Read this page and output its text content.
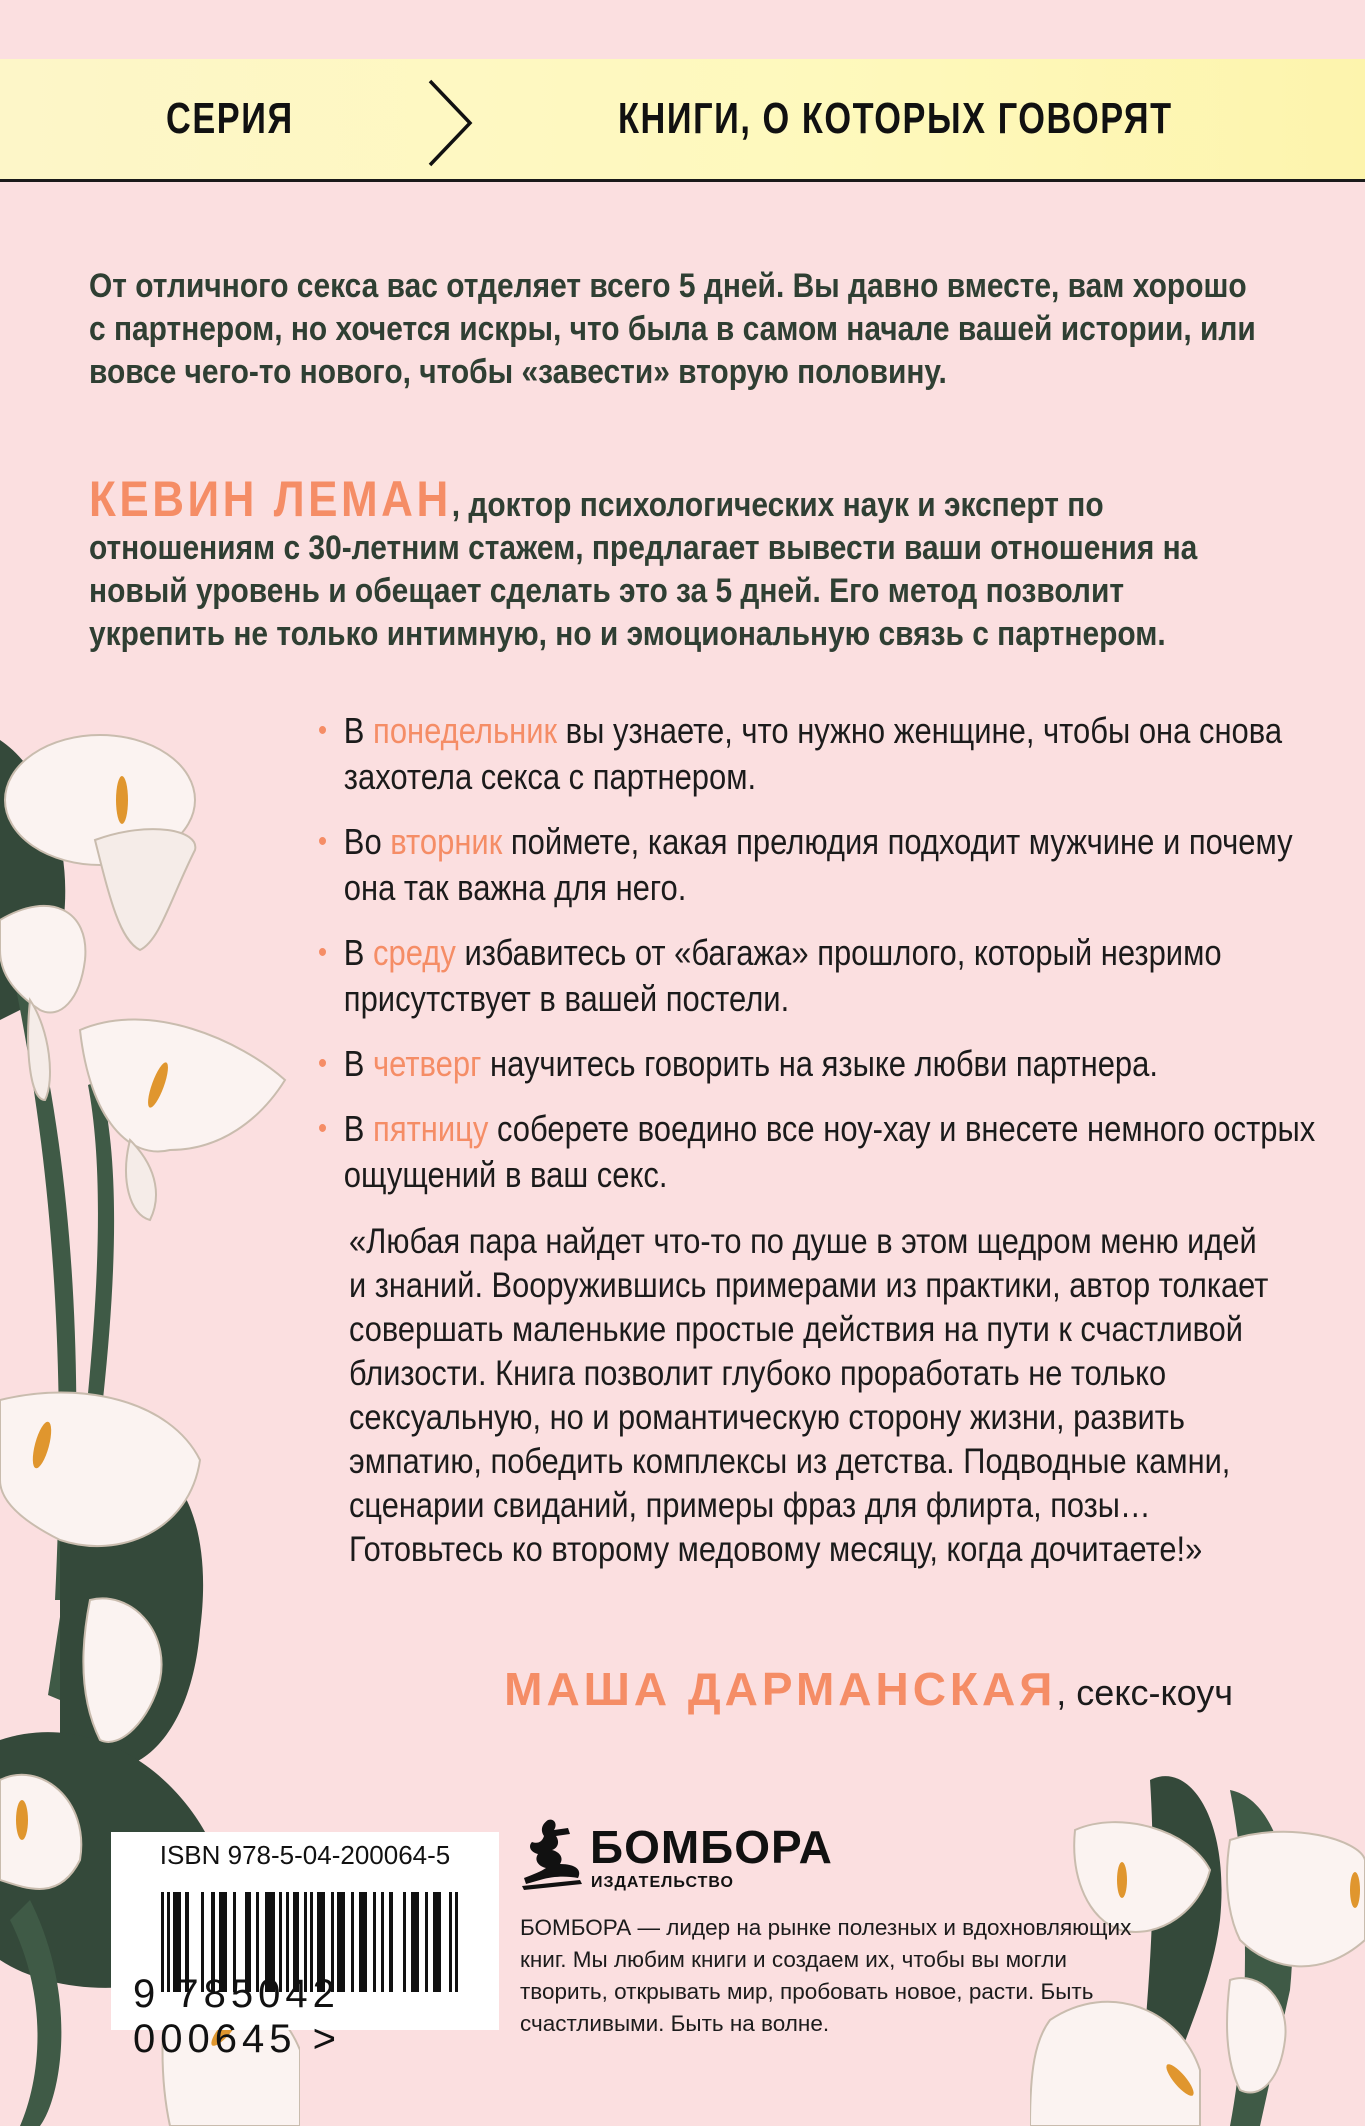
СЕРИЯ	КНИГИ, О КОТОРЫХ ГОВОРЯТ
От отличного секса вас отделяет всего 5 дней. Вы давно вместе, вам хорошо с партнером, но хочется искры, что была в самом начале вашей истории, или вовсе чего-то нового, чтобы «завести» вторую половину.
КЕВИН ЛЕМАН, доктор психологических наук и эксперт по отношениям с 30-летним стажем, предлагает вывести ваши отношения на новый уровень и обещает сделать это за 5 дней. Его метод позволит укрепить не только интимную, но и эмоциональную связь с партнером.
• В понедельник вы узнаете, что нужно женщине, чтобы она снова захотела секса с партнером.
• Во вторник поймете, какая прелюдия подходит мужчине и почему она так важна для него.
• В среду избавитесь от «багажа» прошлого, который незримо присутствует в вашей постели.
• В четверг научитесь говорить на языке любви партнера.
• В пятницу соберете воедино все ноу-хау и внесете немного острых ощущений в ваш секс.
«Любая пара найдет что-то по душе в этом щедром меню идей и знаний. Вооружившись примерами из практики, автор толкает совершать маленькие простые действия на пути к счастливой близости. Книга позволит глубоко проработать не только сексуальную, но и романтическую сторону жизни, развить эмпатию, победить комплексы из детства. Подводные камни, сценарии свиданий, примеры фраз для флирта, позы… Готовьтесь ко второму медовому месяцу, когда дочитаете!»
МАША ДАРМАНСКАЯ, секс-коуч
ISBN 978-5-04-200064-5
9 785042 000645 >
БОМБОРА
ИЗДАТЕЛЬСТВО
БОМБОРА — лидер на рынке полезных и вдохновляющих книг. Мы любим книги и создаем их, чтобы вы могли творить, открывать мир, пробовать новое, расти. Быть счастливыми. Быть на волне.
